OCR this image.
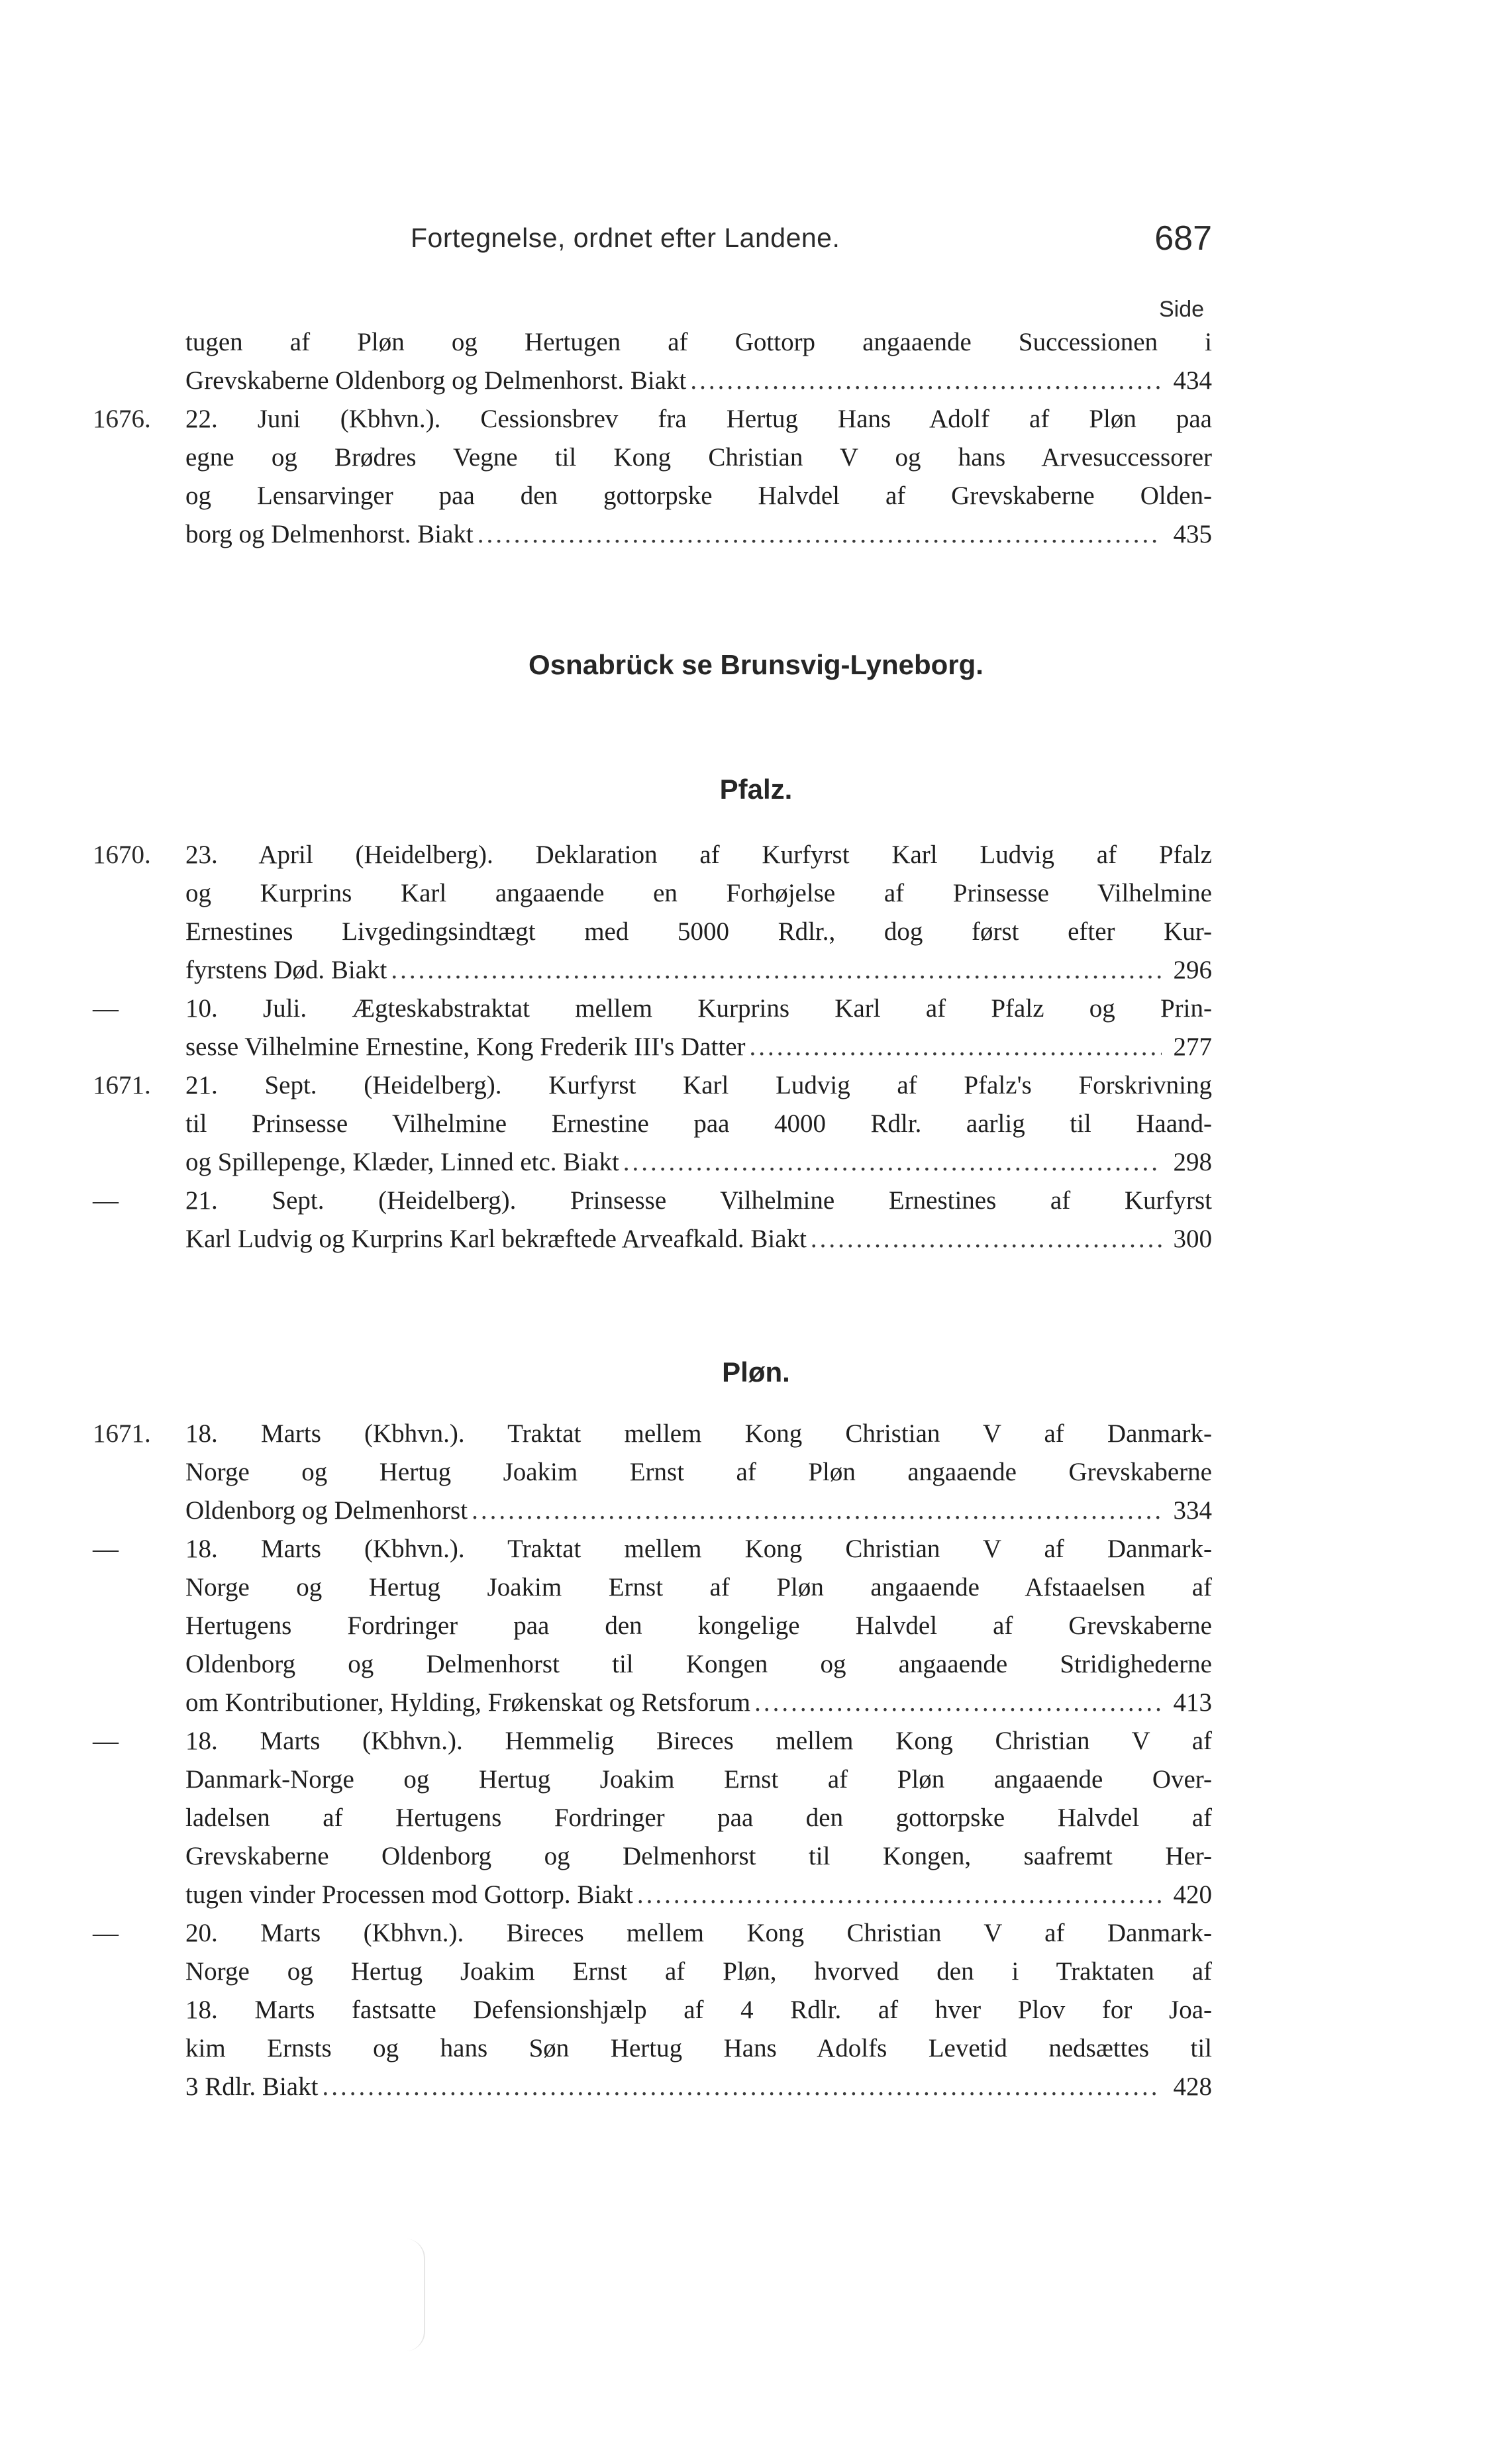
Fortegnelse, ordnet efter Landene.	687
Side
tugen af Pløn og Hertugen af Gottorp angaaende Successionen i
Grevskaberne Oldenborg og Delmenhorst. Biakt .....	434
1676.	22. Juni (Kbhvn.). Cessionsbrev fra Hertug Hans Adolf af Pløn paa
egne og Brødres Vegne til Kong Christian V og hans Arvesuccessorer
og Lensarvinger paa den gottorpske Halvdel af Grevskaberne Olden-
borg og Delmenhorst. Biakt .....	435
Osnabrück se Brunsvig-Lyneborg.
Pfalz.
1670.	23. April (Heidelberg). Deklaration af Kurfyrst Karl Ludvig af Pfalz
og Kurprins Karl angaaende en Forhøjelse af Prinsesse Vilhelmine
Ernestines Livgedingsindtægt med 5000 Rdlr., dog først efter Kur-
fyrstens Død. Biakt .....	296
—	10. Juli. Ægteskabstraktat mellem Kurprins Karl af Pfalz og Prin-
sesse Vilhelmine Ernestine, Kong Frederik III's Datter .....	277
1671.	21. Sept. (Heidelberg). Kurfyrst Karl Ludvig af Pfalz's Forskrivning
til Prinsesse Vilhelmine Ernestine paa 4000 Rdlr. aarlig til Haand-
og Spillepenge, Klæder, Linned etc. Biakt .....	298
—	21. Sept. (Heidelberg). Prinsesse Vilhelmine Ernestines af Kurfyrst
Karl Ludvig og Kurprins Karl bekræftede Arveafkald. Biakt .....	300
Pløn.
1671.	18. Marts (Kbhvn.). Traktat mellem Kong Christian V af Danmark-
Norge og Hertug Joakim Ernst af Pløn angaaende Grevskaberne
Oldenborg og Delmenhorst .....	334
—	18. Marts (Kbhvn.). Traktat mellem Kong Christian V af Danmark-
Norge og Hertug Joakim Ernst af Pløn angaaende Afstaaelsen af
Hertugens Fordringer paa den kongelige Halvdel af Grevskaberne
Oldenborg og Delmenhorst til Kongen og angaaende Stridighederne
om Kontributioner, Hylding, Frøkenskat og Retsforum .....	413
—	18. Marts (Kbhvn.). Hemmelig Bireces mellem Kong Christian V af
Danmark-Norge og Hertug Joakim Ernst af Pløn angaaende Over-
ladelsen af Hertugens Fordringer paa den gottorpske Halvdel af
Grevskaberne Oldenborg og Delmenhorst til Kongen, saafremt Her-
tugen vinder Processen mod Gottorp. Biakt .....	420
—	20. Marts (Kbhvn.). Bireces mellem Kong Christian V af Danmark-
Norge og Hertug Joakim Ernst af Pløn, hvorved den i Traktaten af
18. Marts fastsatte Defensionshjælp af 4 Rdlr. af hver Plov for Joa-
kim Ernsts og hans Søn Hertug Hans Adolfs Levetid nedsættes til
3 Rdlr. Biakt .....	428
